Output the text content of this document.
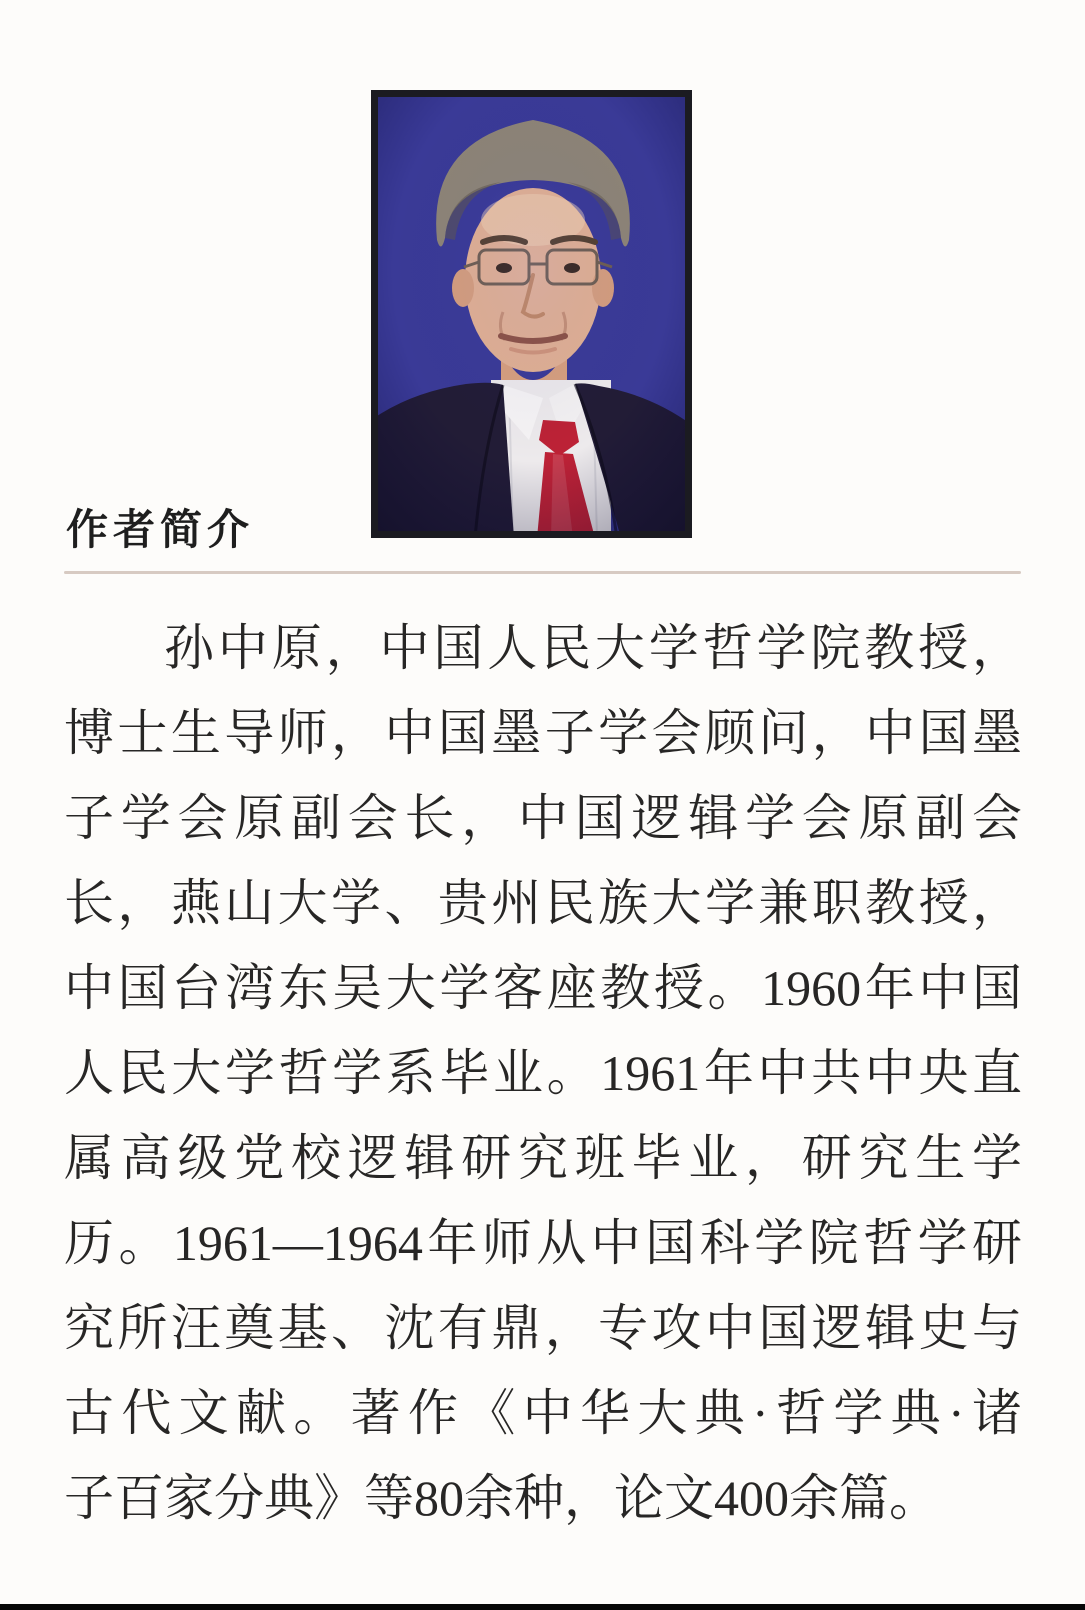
作者简介
孙中原，中国人民大学哲学院教授，
博士生导师，中国墨子学会顾问，中国墨
子学会原副会长，中国逻辑学会原副会
长，燕山大学、贵州民族大学兼职教授，
中国台湾东吴大学客座教授。1960年中国
人民大学哲学系毕业。1961年中共中央直
属高级党校逻辑研究班毕业，研究生学
历。1961—1964年师从中国科学院哲学研
究所汪奠基、沈有鼎，专攻中国逻辑史与
古代文献。著作《中华大典·哲学典·诸
子百家分典》等80余种，论文400余篇。
